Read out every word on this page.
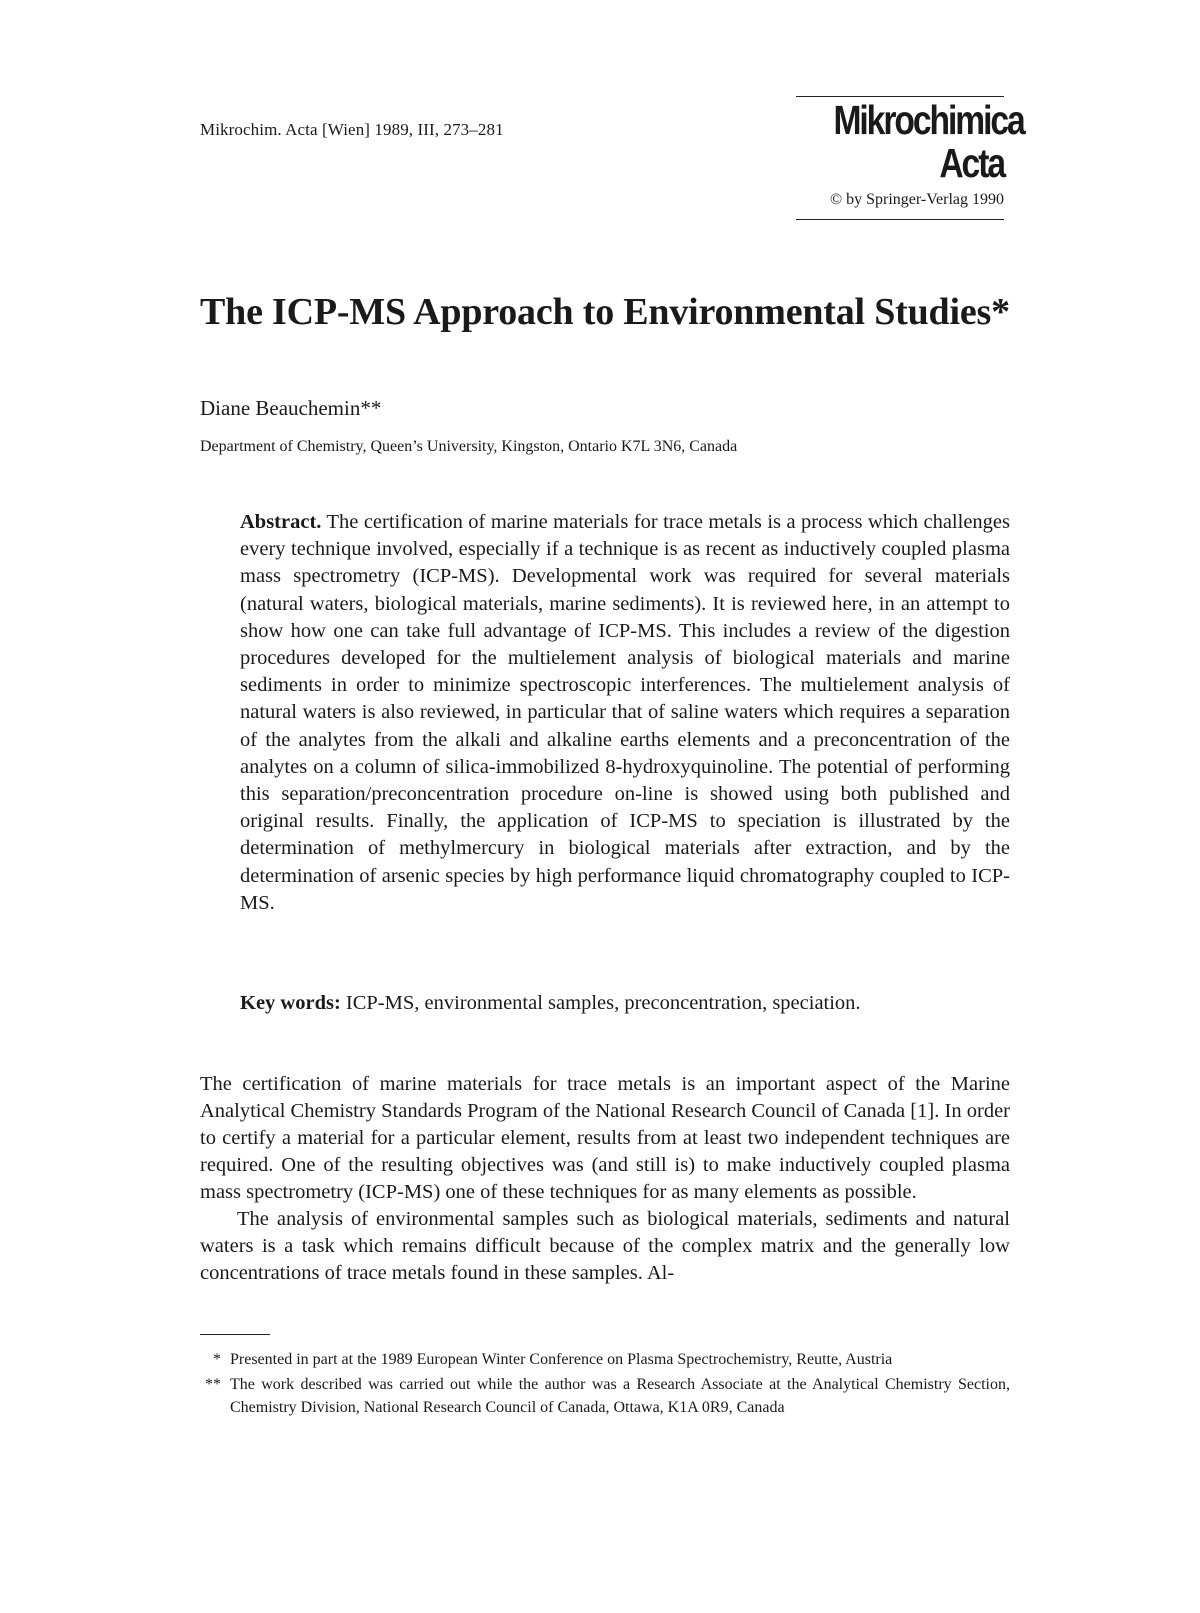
Mikrochim. Acta [Wien] 1989, III, 273–281	Mikrochimica
Acta
© by Springer-Verlag 1990
The ICP-MS Approach to Environmental Studies*
Diane Beauchemin**
Department of Chemistry, Queen’s University, Kingston, Ontario K7L 3N6, Canada

Abstract. The certification of marine materials for trace metals is a process which challenges every technique involved, especially if a technique is as recent as inductively coupled plasma mass spectrometry (ICP-MS). Developmental work was required for several materials (natural waters, biological materials, marine sediments). It is reviewed here, in an attempt to show how one can take full advantage of ICP-MS. This includes a review of the digestion procedures developed for the multielement analysis of biological materials and marine sediments in order to minimize spectroscopic interferences. The multielement analysis of natural waters is also reviewed, in particular that of saline waters which requires a separation of the analytes from the alkali and alkaline earths elements and a preconcentration of the analytes on a column of silica-immobilized 8-hydroxyquinoline. The potential of performing this separation/preconcentration procedure on-line is showed using both published and original results. Finally, the application of ICP-MS to speciation is illustrated by the determination of methylmercury in biological materials after extraction, and by the determination of arsenic species by high performance liquid chromatography coupled to ICP-MS.

Key words: ICP-MS, environmental samples, preconcentration, speciation.

The certification of marine materials for trace metals is an important aspect of the Marine Analytical Chemistry Standards Program of the National Research Council of Canada [1]. In order to certify a material for a particular element, results from at least two independent techniques are required. One of the resulting objectives was (and still is) to make inductively coupled plasma mass spectrometry (ICP-MS) one of these techniques for as many elements as possible.

The analysis of environmental samples such as biological materials, sediments and natural waters is a task which remains difficult because of the complex matrix and the generally low concentrations of trace metals found in these samples. Al-

* Presented in part at the 1989 European Winter Conference on Plasma Spectrochemistry, Reutte, Austria
** The work described was carried out while the author was a Research Associate at the Analytical Chemistry Section, Chemistry Division, National Research Council of Canada, Ottawa, K1A 0R9, Canada
